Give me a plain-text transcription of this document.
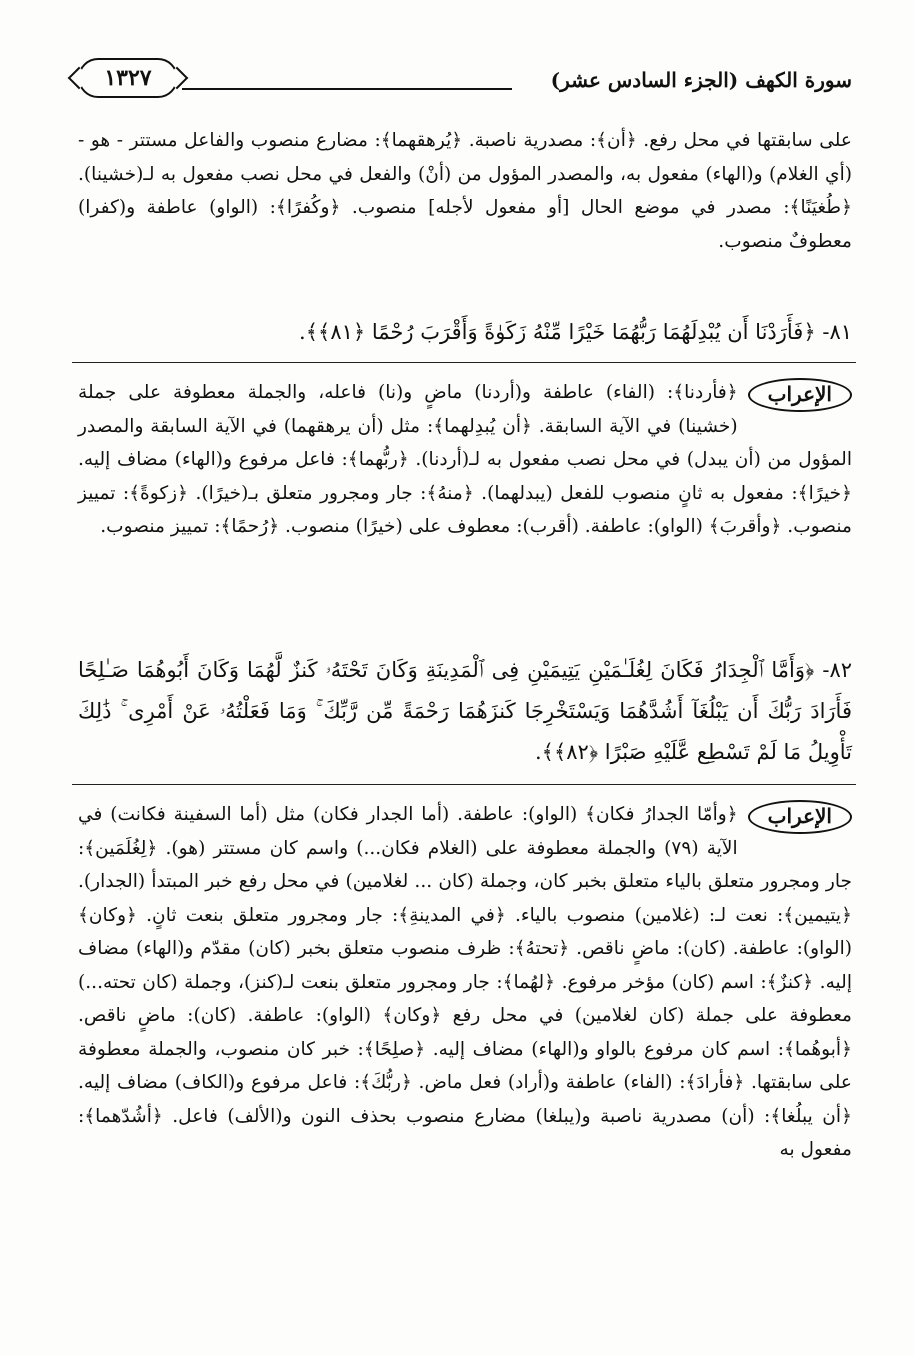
سورة الكهف (الجزء السادس عشر)
١٣٢٧
على سابقتها في محل رفع. ﴿أن﴾: مصدرية ناصبة. ﴿يُرهقهما﴾: مضارع منصوب والفاعل مستتر - هو - (أي الغلام) و(الهاء) مفعول به، والمصدر المؤول من (أنْ) والفعل في محل نصب مفعول به لـ(خشينا). ﴿طُغيَنًا﴾: مصدر في موضع الحال [أو مفعول لأجله] منصوب. ﴿وكُفرًا﴾: (الواو) عاطفة و(كفرا) معطوفٌ منصوب.
٨١- ﴿فَأَرَدْنَا أَن يُبْدِلَهُمَا رَبُّهُمَا خَيْرًا مِّنْهُ زَكَوٰةً وَأَقْرَبَ رُحْمًا ﴿٨١﴾﴾.
الإعراب
﴿فأردنا﴾: (الفاء) عاطفة و(أردنا) ماضٍ و(نا) فاعله، والجملة معطوفة على جملة (خشينا) في الآية السابقة. ﴿أن يُبدِلهما﴾: مثل (أن يرهقهما) في الآية السابقة والمصدر المؤول من (أن يبدل) في محل نصب مفعول به لـ(أردنا). ﴿ربُّهما﴾: فاعل مرفوع و(الهاء) مضاف إليه. ﴿خيرًا﴾: مفعول به ثانٍ منصوب للفعل (يبدلهما). ﴿منهُ﴾: جار ومجرور متعلق بـ(خيرًا). ﴿زكوةً﴾: تمييز منصوب. ﴿وأقربَ﴾ (الواو): عاطفة. (أقرب): معطوف على (خيرًا) منصوب. ﴿رُحمًا﴾: تمييز منصوب.
٨٢- ﴿وَأَمَّا ٱلْجِدَارُ فَكَانَ لِغُلَـٰمَيْنِ يَتِيمَيْنِ فِى ٱلْمَدِينَةِ وَكَانَ تَحْتَهُۥ كَنزٌ لَّهُمَا وَكَانَ أَبُوهُمَا صَـٰلِحًا فَأَرَادَ رَبُّكَ أَن يَبْلُغَآ أَشُدَّهُمَا وَيَسْتَخْرِجَا كَنزَهُمَا رَحْمَةً مِّن رَّبِّكَ ۚ وَمَا فَعَلْتُهُۥ عَنْ أَمْرِى ۚ ذَٰلِكَ تَأْوِيلُ مَا لَمْ تَسْطِع عَّلَيْهِ صَبْرًا ﴿٨٢﴾﴾.
الإعراب
﴿وأمّا الجدارُ فكان﴾ (الواو): عاطفة. (أما الجدار فكان) مثل (أما السفينة فكانت) في الآية (٧٩) والجملة معطوفة على (الغلام فكان...) واسم كان مستتر (هو). ﴿لِغُلَمَين﴾: جار ومجرور متعلق بالياء متعلق بخبر كان، وجملة (كان ... لغلامين) في محل رفع خبر المبتدأ (الجدار). ﴿يتيمين﴾: نعت لـ: (غلامين) منصوب بالياء. ﴿في المدينةِ﴾: جار ومجرور متعلق بنعت ثانٍ. ﴿وكان﴾ (الواو): عاطفة. (كان): ماضٍ ناقص. ﴿تحتهُ﴾: ظرف منصوب متعلق بخبر (كان) مقدّم و(الهاء) مضاف إليه. ﴿كنزٌ﴾: اسم (كان) مؤخر مرفوع. ﴿لهُما﴾: جار ومجرور متعلق بنعت لـ(كنز)، وجملة (كان تحته...) معطوفة على جملة (كان لغلامين) في محل رفع ﴿وكان﴾ (الواو): عاطفة. (كان): ماضٍ ناقص. ﴿أبوهُما﴾: اسم كان مرفوع بالواو و(الهاء) مضاف إليه. ﴿صلِحًا﴾: خبر كان منصوب، والجملة معطوفة على سابقتها. ﴿فأرادَ﴾: (الفاء) عاطفة و(أراد) فعل ماض. ﴿ربُّكَ﴾: فاعل مرفوع و(الكاف) مضاف إليه. ﴿أن يبلُغا﴾: (أن) مصدرية ناصبة و(يبلغا) مضارع منصوب بحذف النون و(الألف) فاعل. ﴿أشُدّهما﴾: مفعول به
